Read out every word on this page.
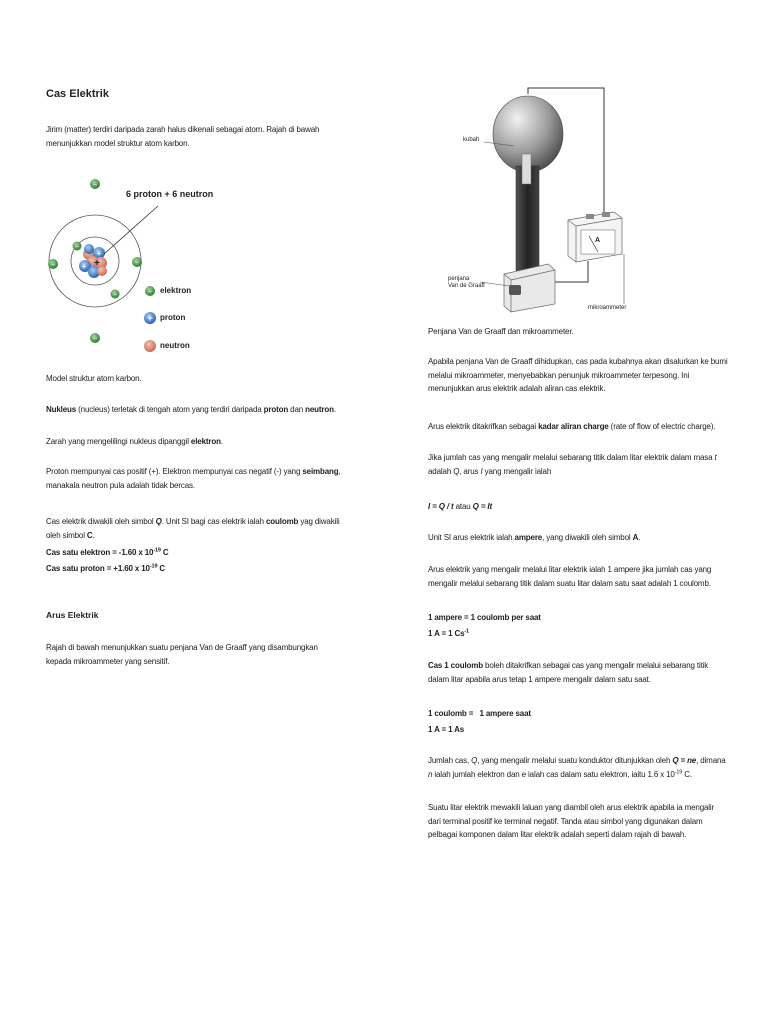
Cas Elektrik

Jirim (matter) terdiri daripada zarah halus dikenali sebagai atom. Rajah di bawah menunjukkan model struktur atom karbon.

+
+
+
−
−
−	−
−
−	−
+
6 proton + 6 neutron
elektron
proton
neutron

Model struktur atom karbon.

Nukleus (nucleus) terletak di tengah atom yang terdiri daripada proton dan neutron.

Zarah yang mengelilingi nukleus dipanggil elektron.

Proton mempunyai cas positif (+). Elektron mempunyai cas negatif (-) yang seimbang, manakala neutron pula adalah tidak bercas.

Cas elektrik diwakili oleh simbol Q. Unit SI bagi cas elektrik ialah coulomb yag diwakili oleh simbol C.

Cas satu elektron = -1.60 x $10^{-19}$ C

Cas satu proton = +1.60 x $10^{-19}$ C

Arus Elektrik

Rajah di bawah menunjukkan suatu penjana Van de Graaff yang disambungkan kepada mikroammeter yang sensitif.

kubah
penjana
Van de Graaff
mikroammeter
A

Penjana Van de Graaff dan mikroammeter.

Apabila penjana Van de Graaff dihidupkan, cas pada kubahnya akan disalurkan ke bumi melalui mikroammeter, menyebabkan penunjuk mikroammeter terpesong. Ini menunjukkan arus elektrik adalah aliran cas elektrik.

Arus elektrik ditakrifkan sebagai kadar aliran charge (rate of flow of electric charge).

Jika jumlah cas yang mengalir melalui sebarang titik dalam litar elektrik dalam masa t adalah Q, arus I yang mengalir ialah

I = Q / t atau Q = It

Unit SI arus elektrik ialah ampere, yang diwakili oleh simbol A.

Arus elektrik yang mengalir melalui litar elektrik ialah 1 ampere jika jumlah cas yang mengalir melalui sebarang titik dalam suatu litar dalam satu saat adalah 1 coulomb.

1 ampere = 1 coulomb per saat

1 A = 1 $Cs^{-1}$

Cas 1 coulomb boleh ditakrifkan sebagai cas yang mengalir melalui sebarang titik dalam litar apabila arus tetap 1 ampere mengalir dalam satu saat.

1 coulomb =   1 ampere saat

1 A = 1 As

Jumlah cas, Q, yang mengalir melalui suatu konduktor ditunjukkan oleh Q = ne, dimana n ialah jumlah elektron dan e ialah cas dalam satu elektron, iaitu 1.6 x $10^{-19}$ C.

Suatu litar elektrik mewakili laluan yang diambil oleh arus elektrik apabila ia mengalir dari terminal positif ke terminal negatif. Tanda atau simbol yang digunakan dalam pelbagai komponen dalam litar elektrik adalah seperti dalam rajah di bawah.
